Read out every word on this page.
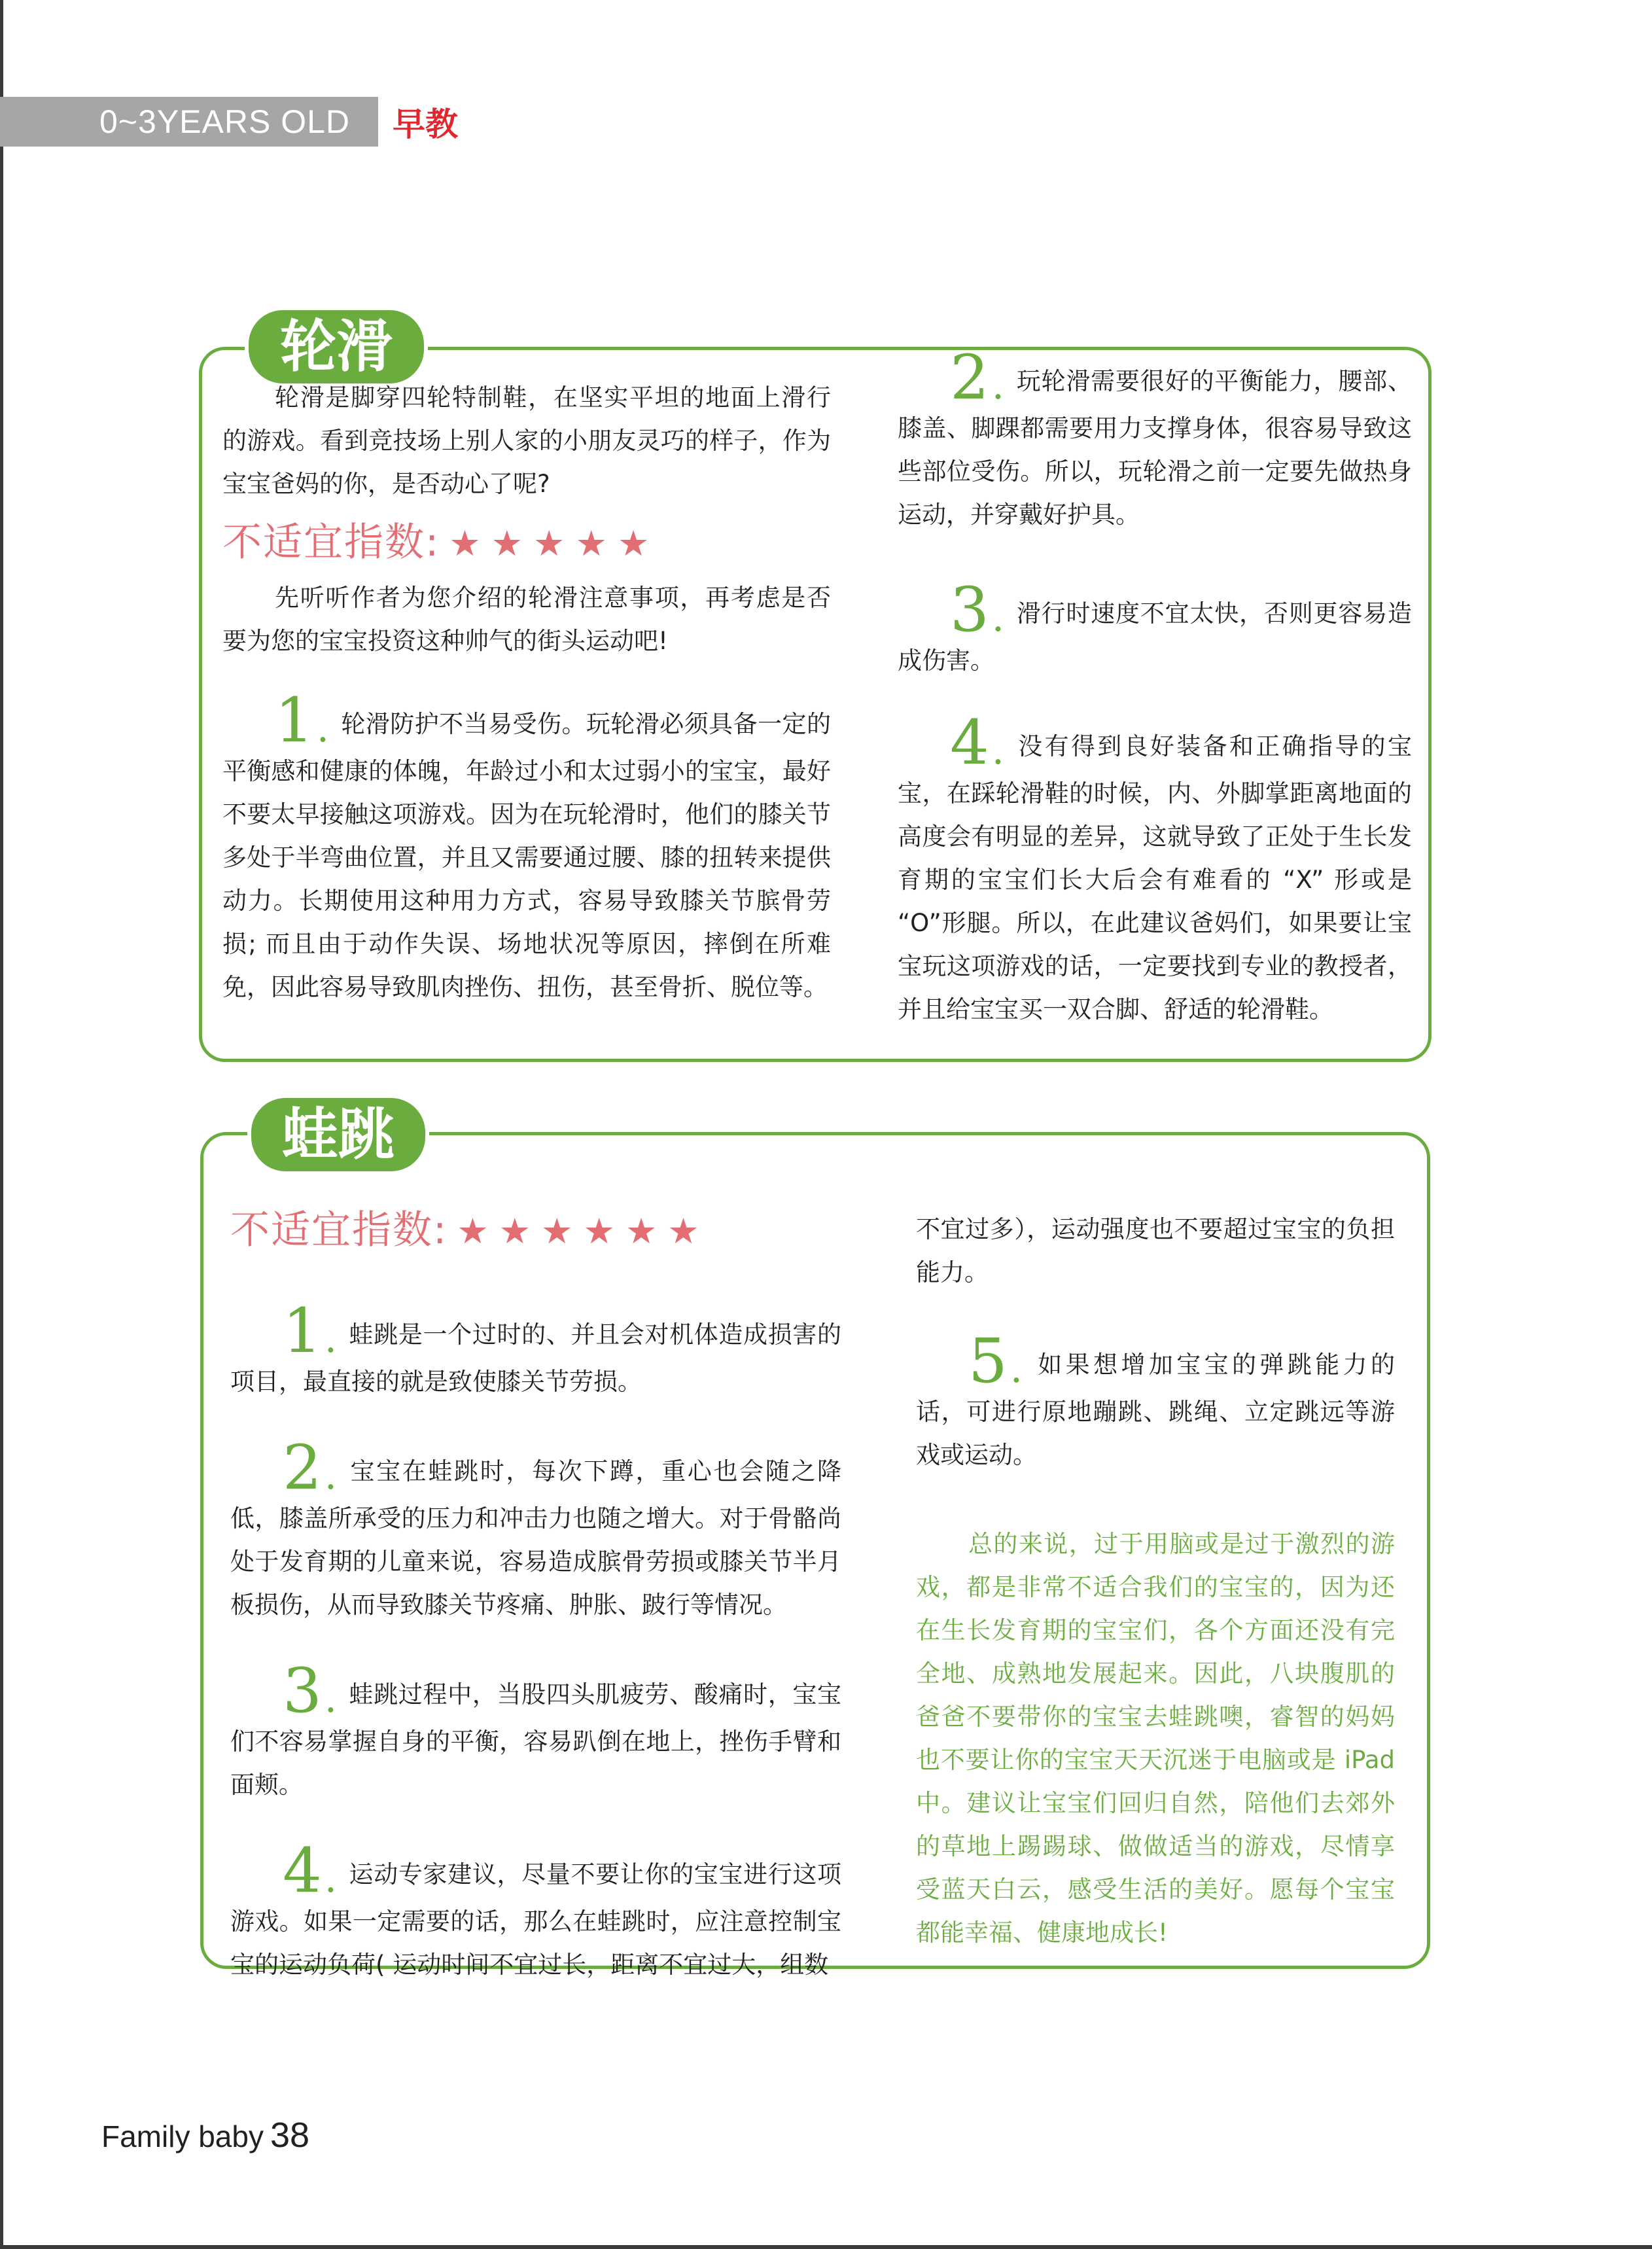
0~3YEARS OLD	早教
轮滑

轮滑是脚穿四轮特制鞋，在坚实平坦的地面上滑行的游戏。看到竞技场上别人家的小朋友灵巧的样子，作为宝宝爸妈的你，是否动心了呢?

不适宜指数: ★★★★★

先听听作者为您介绍的轮滑注意事项，再考虑是否要为您的宝宝投资这种帅气的街头运动吧!

1. 轮滑防护不当易受伤。玩轮滑必须具备一定的平衡感和健康的体魄，年龄过小和太过弱小的宝宝，最好不要太早接触这项游戏。因为在玩轮滑时，他们的膝关节多处于半弯曲位置，并且又需要通过腰、膝的扭转来提供动力。长期使用这种用力方式，容易导致膝关节膑骨劳损; 而且由于动作失误、场地状况等原因，摔倒在所难免，因此容易导致肌肉挫伤、扭伤，甚至骨折、脱位等。

2. 玩轮滑需要很好的平衡能力，腰部、膝盖、脚踝都需要用力支撑身体，很容易导致这些部位受伤。所以，玩轮滑之前一定要先做热身运动，并穿戴好护具。

3. 滑行时速度不宜太快，否则更容易造成伤害。

4. 没有得到良好装备和正确指导的宝宝，在踩轮滑鞋的时候，内、外脚掌距离地面的高度会有明显的差异，这就导致了正处于生长发育期的宝宝们长大后会有难看的 “X” 形或是 “O”形腿。所以，在此建议爸妈们，如果要让宝宝玩这项游戏的话，一定要找到专业的教授者，并且给宝宝买一双合脚、舒适的轮滑鞋。

蛙跳
不适宜指数: ★★★★★★

1. 蛙跳是一个过时的、并且会对机体造成损害的项目，最直接的就是致使膝关节劳损。

2. 宝宝在蛙跳时，每次下蹲，重心也会随之降低，膝盖所承受的压力和冲击力也随之增大。对于骨骼尚处于发育期的儿童来说，容易造成膑骨劳损或膝关节半月板损伤，从而导致膝关节疼痛、肿胀、跛行等情况。

3. 蛙跳过程中，当股四头肌疲劳、酸痛时，宝宝们不容易掌握自身的平衡，容易趴倒在地上，挫伤手臂和面颊。

4. 运动专家建议，尽量不要让你的宝宝进行这项游戏。如果一定需要的话，那么在蛙跳时，应注意控制宝宝的运动负荷( 运动时间不宜过长，距离不宜过大，组数

不宜过多），运动强度也不要超过宝宝的负担能力。

5. 如果想增加宝宝的弹跳能力的话，可进行原地蹦跳、跳绳、立定跳远等游戏或运动。

总的来说，过于用脑或是过于激烈的游戏，都是非常不适合我们的宝宝的，因为还在生长发育期的宝宝们，各个方面还没有完全地、成熟地发展起来。因此，八块腹肌的爸爸不要带你的宝宝去蛙跳噢，睿智的妈妈也不要让你的宝宝天天沉迷于电脑或是 iPad 中。建议让宝宝们回归自然，陪他们去郊外的草地上踢踢球、做做适当的游戏，尽情享受蓝天白云，感受生活的美好。愿每个宝宝都能幸福、健康地成长!

Family baby 38
